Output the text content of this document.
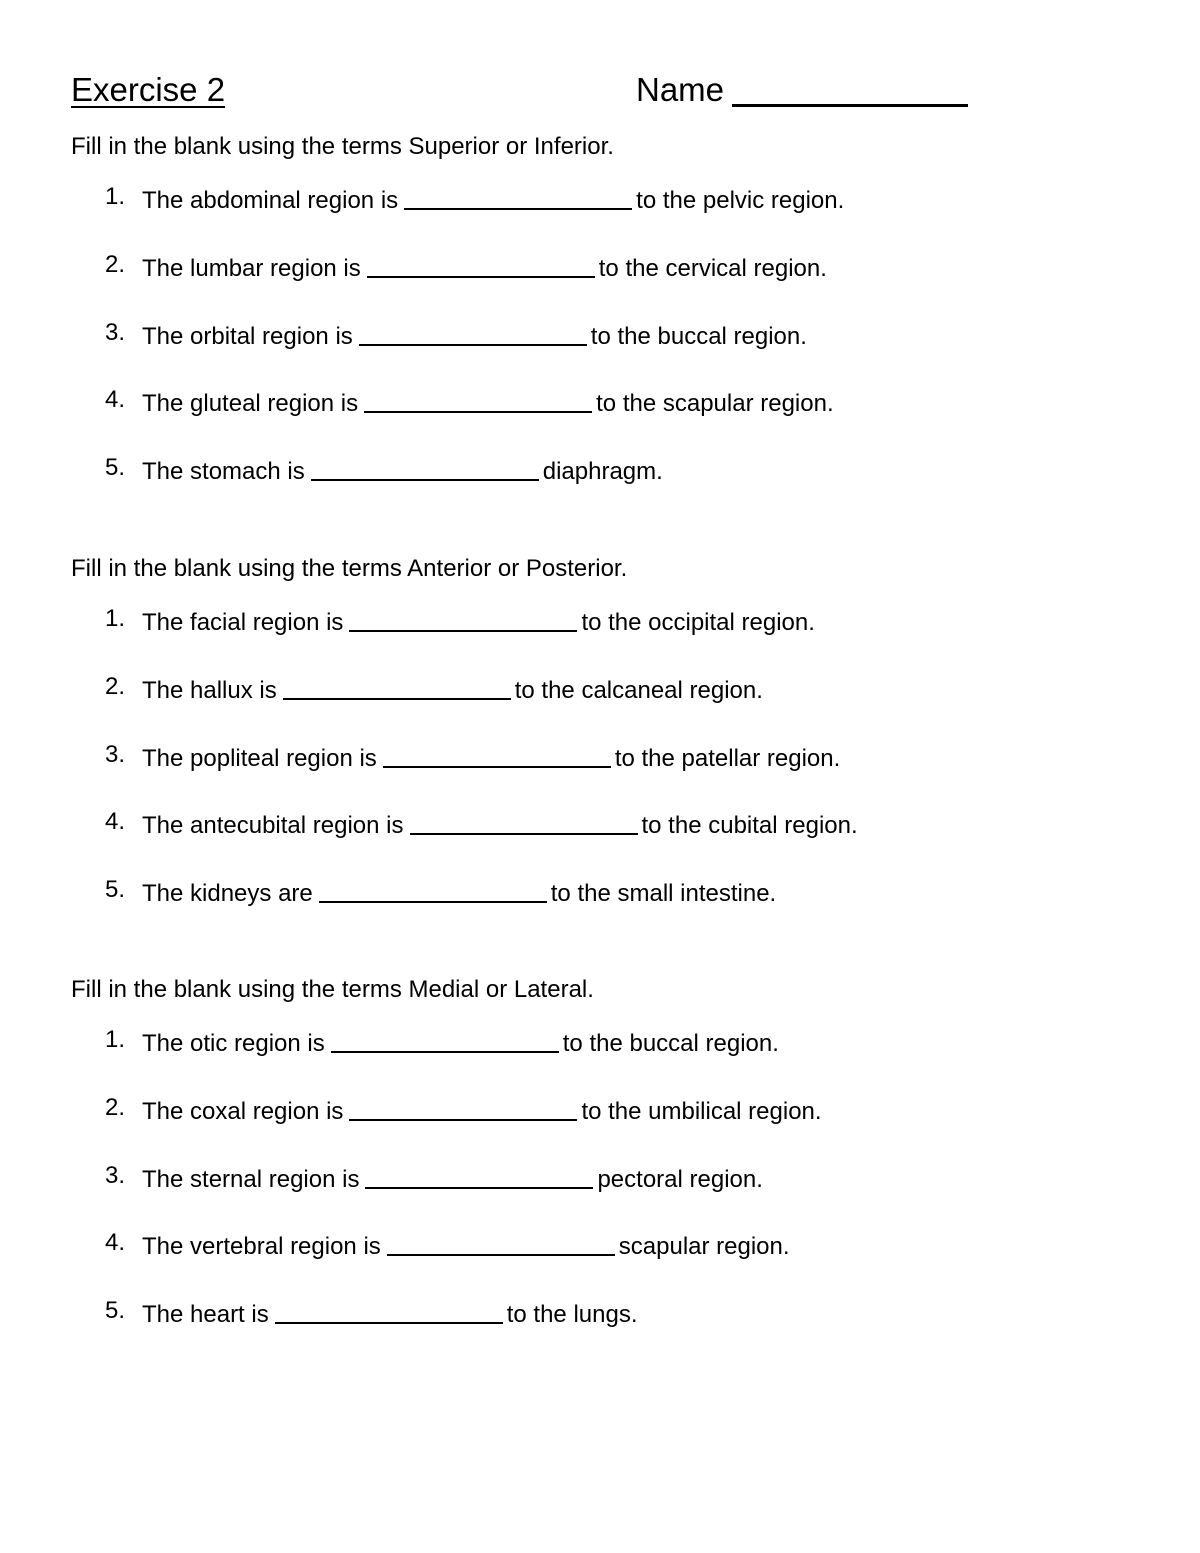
Exercise 2	Name

Fill in the blank using the terms Superior or Inferior.

1. The abdominal region is	to the pelvic region.
2. The lumbar region is	to the cervical region.
3. The orbital region is	to the buccal region.
4. The gluteal region is	to the scapular region.
5. The stomach is	diaphragm.

Fill in the blank using the terms Anterior or Posterior.

1. The facial region is	to the occipital region.
2. The hallux is	to the calcaneal region.
3. The popliteal region is	to the patellar region.
4. The antecubital region is	to the cubital region.
5. The kidneys are	to the small intestine.

Fill in the blank using the terms Medial or Lateral.

1. The otic region is	to the buccal region.
2. The coxal region is	to the umbilical region.
3. The sternal region is	pectoral region.
4. The vertebral region is	scapular region.
5. The heart is	to the lungs.
